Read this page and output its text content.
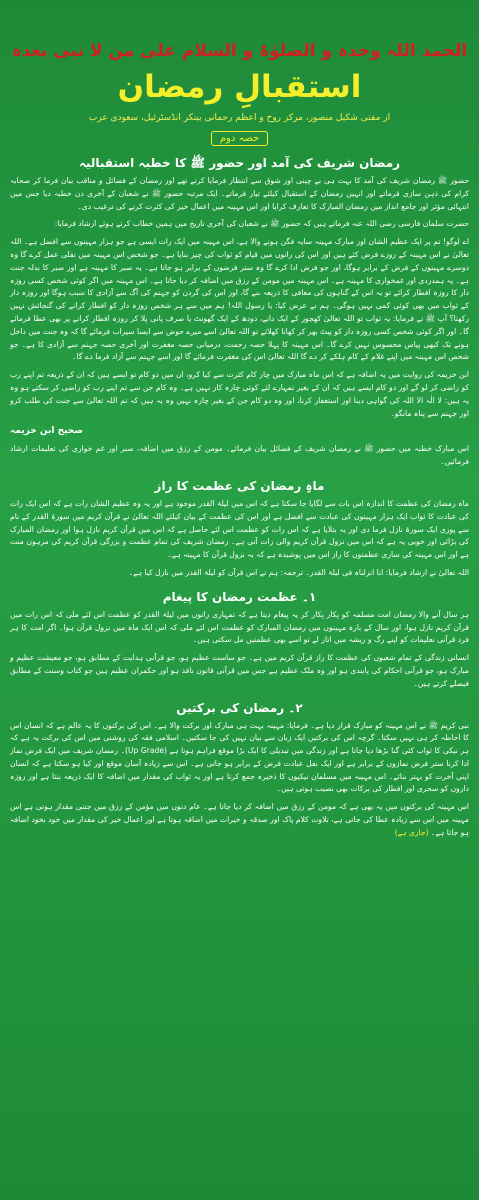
الحمد اللہ وحدہ و الصلوٰۃ و السلام علی من لا نبی بعدہ
استقبالِ رمضان
از مفتی شکیل منصور، مرکز روح و اعظم رحمانی بینکر انڈسٹرئیل، سعودی عرب
حصہ دوم
رمضان شریف کی آمد اور حضور ﷺ کا خطبہ استقبالیہ

حضور ﷺ رمضان شریف کی آمد کا بہت ہی بے چینی اور شوق سے انتظار فرمایا کرتے تھے اور رمضان کے فضائل و مناقب بیان فرما کر صحابہ کرام کی ذہن سازی فرماتے اور انہیں رمضان کے استقبال کیلئے تیار فرماتے۔ ایک مرتبہ حضور ﷺ نے شعبان کے آخری دن خطبہ دیا جس میں انتہائی مؤثر اور جامع انداز میں رمضان المبارک کا تعارف کرایا اور اس مہینہ میں اعمال خیر کی کثرت کرنے کی ترغیب دی۔

حضرت سلمان فارسی رضی اللہ عنہ فرماتے ہیں کہ حضور ﷺ نے شعبان کی آخری تاریخ میں ہمیں خطاب کرتے ہوئے ارشاد فرمایا:

اے لوگو! تم پر ایک عظیم الشان اور مبارک مہینہ سایہ فگن ہونے والا ہے، اس مہینہ میں ایک رات ایسی ہے جو ہزار مہینوں سے افضل ہے۔ اللہ تعالیٰ نے اس مہینہ کے روزے فرض کئے ہیں اور اس کی راتوں میں قیام کو ثواب کی چیز بنایا ہے۔ جو شخص اس مہینہ میں نفلی عمل کرے گا وہ دوسرے مہینوں کے فرض کے برابر ہوگا، اور جو فرض ادا کرے گا وہ ستر فرضوں کے برابر ہو جاتا ہے۔ یہ صبر کا مہینہ ہے اور صبر کا بدلہ جنت ہے۔ یہ ہمدردی اور غمخواری کا مہینہ ہے۔ اس مہینہ میں مومن کے رزق میں اضافہ کر دیا جاتا ہے۔ اس مہینہ میں اگر کوئی شخص کسی روزہ دار کا روزہ افطار کرائے تو یہ اس کے گناہوں کی معافی کا ذریعہ بنے گا، اور اس کی گردن کو جہنم کی آگ سے آزادی کا سبب ہوگا اور روزہ دار کے ثواب میں بھی کوئی کمی نہیں ہوگی۔ ہم نے عرض کیا: یا رسول اللہ! ہم میں سے ہر شخص روزہ دار کو افطار کرانے کی گنجائش نہیں رکھتا؟ آپ ﷺ نے فرمایا: یہ ثواب تو اللہ تعالیٰ کھجور کے ایک دانے، دودھ کے ایک گھونٹ یا صرف پانی پلا کر روزہ افطار کرانے پر بھی عطا فرمائے گا۔ اور اگر کوئی شخص کسی روزہ دار کو پیٹ بھر کر کھانا کھلائے تو اللہ تعالیٰ اسے میرے حوض سے ایسا سیراب فرمائے گا کہ وہ جنت میں داخل ہونے تک کبھی پیاس محسوس نہیں کرے گا۔ اس مہینہ کا پہلا حصہ رحمت، درمیانی حصہ مغفرت اور آخری حصہ جہنم سے آزادی کا ہے۔ جو شخص اس مہینہ میں اپنے غلام کے کام ہلکے کر دے گا اللہ تعالیٰ اس کی مغفرت فرمائے گا اور اسے جہنم سے آزاد فرما دے گا۔

ابن خزیمہ کی روایت میں یہ اضافہ ہے کہ اس ماہ مبارک میں چار کام کثرت سے کیا کرو، ان میں دو کام تو ایسے ہیں کہ ان کے ذریعہ تم اپنے رب کو راضی کر لو گے اور دو کام ایسے ہیں کہ ان کے بغیر تمہارے لئے کوئی چارہ کار نہیں ہے۔ وہ کام جن سے تم اپنے رب کو راضی کر سکتے ہو وہ یہ ہیں: لا الٰہ الا اللہ کی گواہی دینا اور استغفار کرنا، اور وہ دو کام جن کے بغیر چارہ نہیں وہ یہ ہیں کہ تم اللہ تعالیٰ سے جنت کی طلب کرو اور جہنم سے پناہ مانگو۔

صحیح ابن خزیمہ

اس مبارک خطبہ میں حضور ﷺ نے رمضان شریف کے فضائل بیان فرمائے۔ مومن کے رزق میں اضافہ، صبر اور غم خواری کی تعلیمات ارشاد فرمائیں۔

ماہِ رمضان کی عظمت کا راز

ماہ رمضان کی عظمت کا اندازہ اس بات سے لگایا جا سکتا ہے کہ اس میں لیلۃ القدر موجود ہے اور یہ وہ عظیم الشان رات ہے کہ اس ایک رات کی عبادت کا ثواب ایک ہزار مہینوں کی عبادت سے افضل ہے اور اس کی عظمت کے بیان کیلئے اللہ تعالیٰ نے قرآن کریم میں سورۃ القدر کے نام سے پوری ایک سورۃ نازل فرما دی اور یہ بتلایا ہے کہ اس رات کو عظمت اس لئے حاصل ہے کہ اس میں قرآن کریم نازل ہوا اور رمضان المبارک کی بڑائی اور خوبی یہ ہے کہ اس میں نزول قرآن کریم والی رات آتی ہے۔ رمضان شریف کی تمام عظمت و بزرگی قرآن کریم کی مرہون منت ہے اور اس مہینہ کی ساری عظمتوں کا راز اس میں پوشیدہ ہے کہ یہ نزول قرآن کا مہینہ ہے۔

اللہ تعالیٰ نے ارشاد فرمایا: انا انزلناہ فی لیلۃ القدر۔ ترجمہ: ہم نے اس قرآن کو لیلۃ القدر میں نازل کیا ہے۔

۱۔ عظمت رمضان کا پیغام

ہر سال آنے والا رمضان امت مسلمہ کو پکار پکار کر یہ پیغام دیتا ہے کہ تمہاری راتوں میں لیلۃ القدر کو عظمت اس لئے ملی کہ اس رات میں قرآن کریم نازل ہوا، اور سال کے بارہ مہینوں میں رمضان المبارک کو عظمت اس لئے ملی کہ اس ایک ماہ میں نزول قرآن ہوا۔ اگر امت کا ہر فرد قرآنی تعلیمات کو اپنے رگ و ریشہ میں اتار لے تو اسے بھی عظمتیں مل سکتی ہیں۔

انسانی زندگی کے تمام شعبوں کی عظمت کا راز قرآن کریم میں ہے۔ جو ساست عظیم ہو، جو قرآنی ہدایت کے مطابق ہو، جو معیشت عظیم و مبارک ہو، جو قرآنی احکام کی پابندی ہو اور وہ ملک عظیم ہے جس میں قرآنی قانون نافذ ہو اور حکمران عظیم ہیں جو کتاب وسنت کے مطابق فیصلے کرتے ہیں۔

۲۔ رمضان کی برکتیں

نبی کریم ﷺ نے اس مہینہ کو مبارک قرار دیا ہے۔ فرمایا: مہینہ بہت ہی مبارک اور برکت والا ہے۔ اس کی برکتوں کا یہ عالم ہے کہ انسان اس کا احاطہ کر ہی نہیں سکتا۔ گرچہ اس کی برکتیں ایک زبان سے بیان نہیں کی جا سکتیں۔ اسلامی فقہ کی روشنی میں اس کی برکت یہ ہے کہ ہر نیکی کا ثواب کئی گنا بڑھا دیا جاتا ہے اور زندگی میں تبدیلی کا ایک بڑا موقع فراہم ہوتا ہے (Up Grade)۔ رمضان شریف میں ایک فرض نماز ادا کرنا ستر فرض نمازوں کے برابر ہے اور ایک نفل عبادت فرض کے برابر ہو جاتی ہے۔ اس سے زیادہ آسان موقع اور کیا ہو سکتا ہے کہ انسان اپنی آخرت کو بہتر بنائے۔ اس مہینہ میں مسلمان نیکیوں کا ذخیرہ جمع کرتا ہے اور یہ ثواب کی مقدار میں اضافہ کا ایک ذریعہ بنتا ہے اور روزہ داروں کو سحری اور افطار کی برکات بھی نصیب ہوتی ہیں۔

اس مہینہ کی برکتوں میں یہ بھی ہے کہ مومن کے رزق میں اضافہ کر دیا جاتا ہے۔ عام دنوں میں مؤمن کے رزق میں جتنی مقدار ہوتی ہے اس مہینہ میں اس سے زیادہ عطا کی جاتی ہے، تلاوت کلام پاک اور صدقہ و خیرات میں اضافہ ہوتا ہے اور اعمال خیر کی مقدار میں خود بخود اضافہ ہو جاتا ہے۔ (جاری ہے)
